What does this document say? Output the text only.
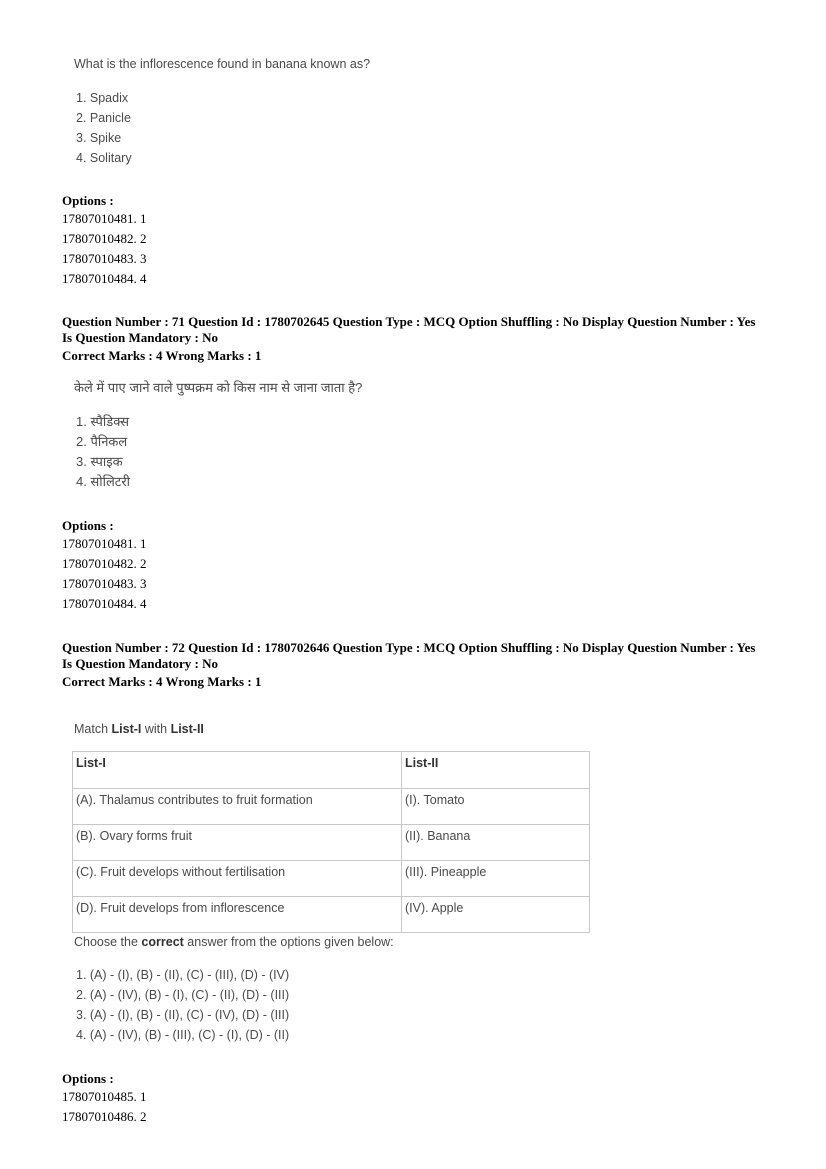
What is the inflorescence found in banana known as?
1. Spadix
2. Panicle
3. Spike
4. Solitary
Options :
17807010481. 1
17807010482. 2
17807010483. 3
17807010484. 4
Question Number : 71 Question Id : 1780702645 Question Type : MCQ Option Shuffling : No Display Question Number : Yes
Is Question Mandatory : No
Correct Marks : 4 Wrong Marks : 1
केले में पाए जाने वाले पुष्पक्रम को किस नाम से जाना जाता है?
1. स्पैडिक्स
2. पैनिकल
3. स्पाइक
4. सोलिटरी
Options :
17807010481. 1
17807010482. 2
17807010483. 3
17807010484. 4
Question Number : 72 Question Id : 1780702646 Question Type : MCQ Option Shuffling : No Display Question Number : Yes
Is Question Mandatory : No
Correct Marks : 4 Wrong Marks : 1
Match List-I with List-II
List-I	List-II
(A). Thalamus contributes to fruit formation	(I). Tomato
(B). Ovary forms fruit	(II). Banana
(C). Fruit develops without fertilisation	(III). Pineapple
(D). Fruit develops from inflorescence	(IV). Apple
Choose the correct answer from the options given below:
1. (A) - (I), (B) - (II), (C) - (III), (D) - (IV)
2. (A) - (IV), (B) - (I), (C) - (II), (D) - (III)
3. (A) - (I), (B) - (II), (C) - (IV), (D) - (III)
4. (A) - (IV), (B) - (III), (C) - (I), (D) - (II)
Options :
17807010485. 1
17807010486. 2
